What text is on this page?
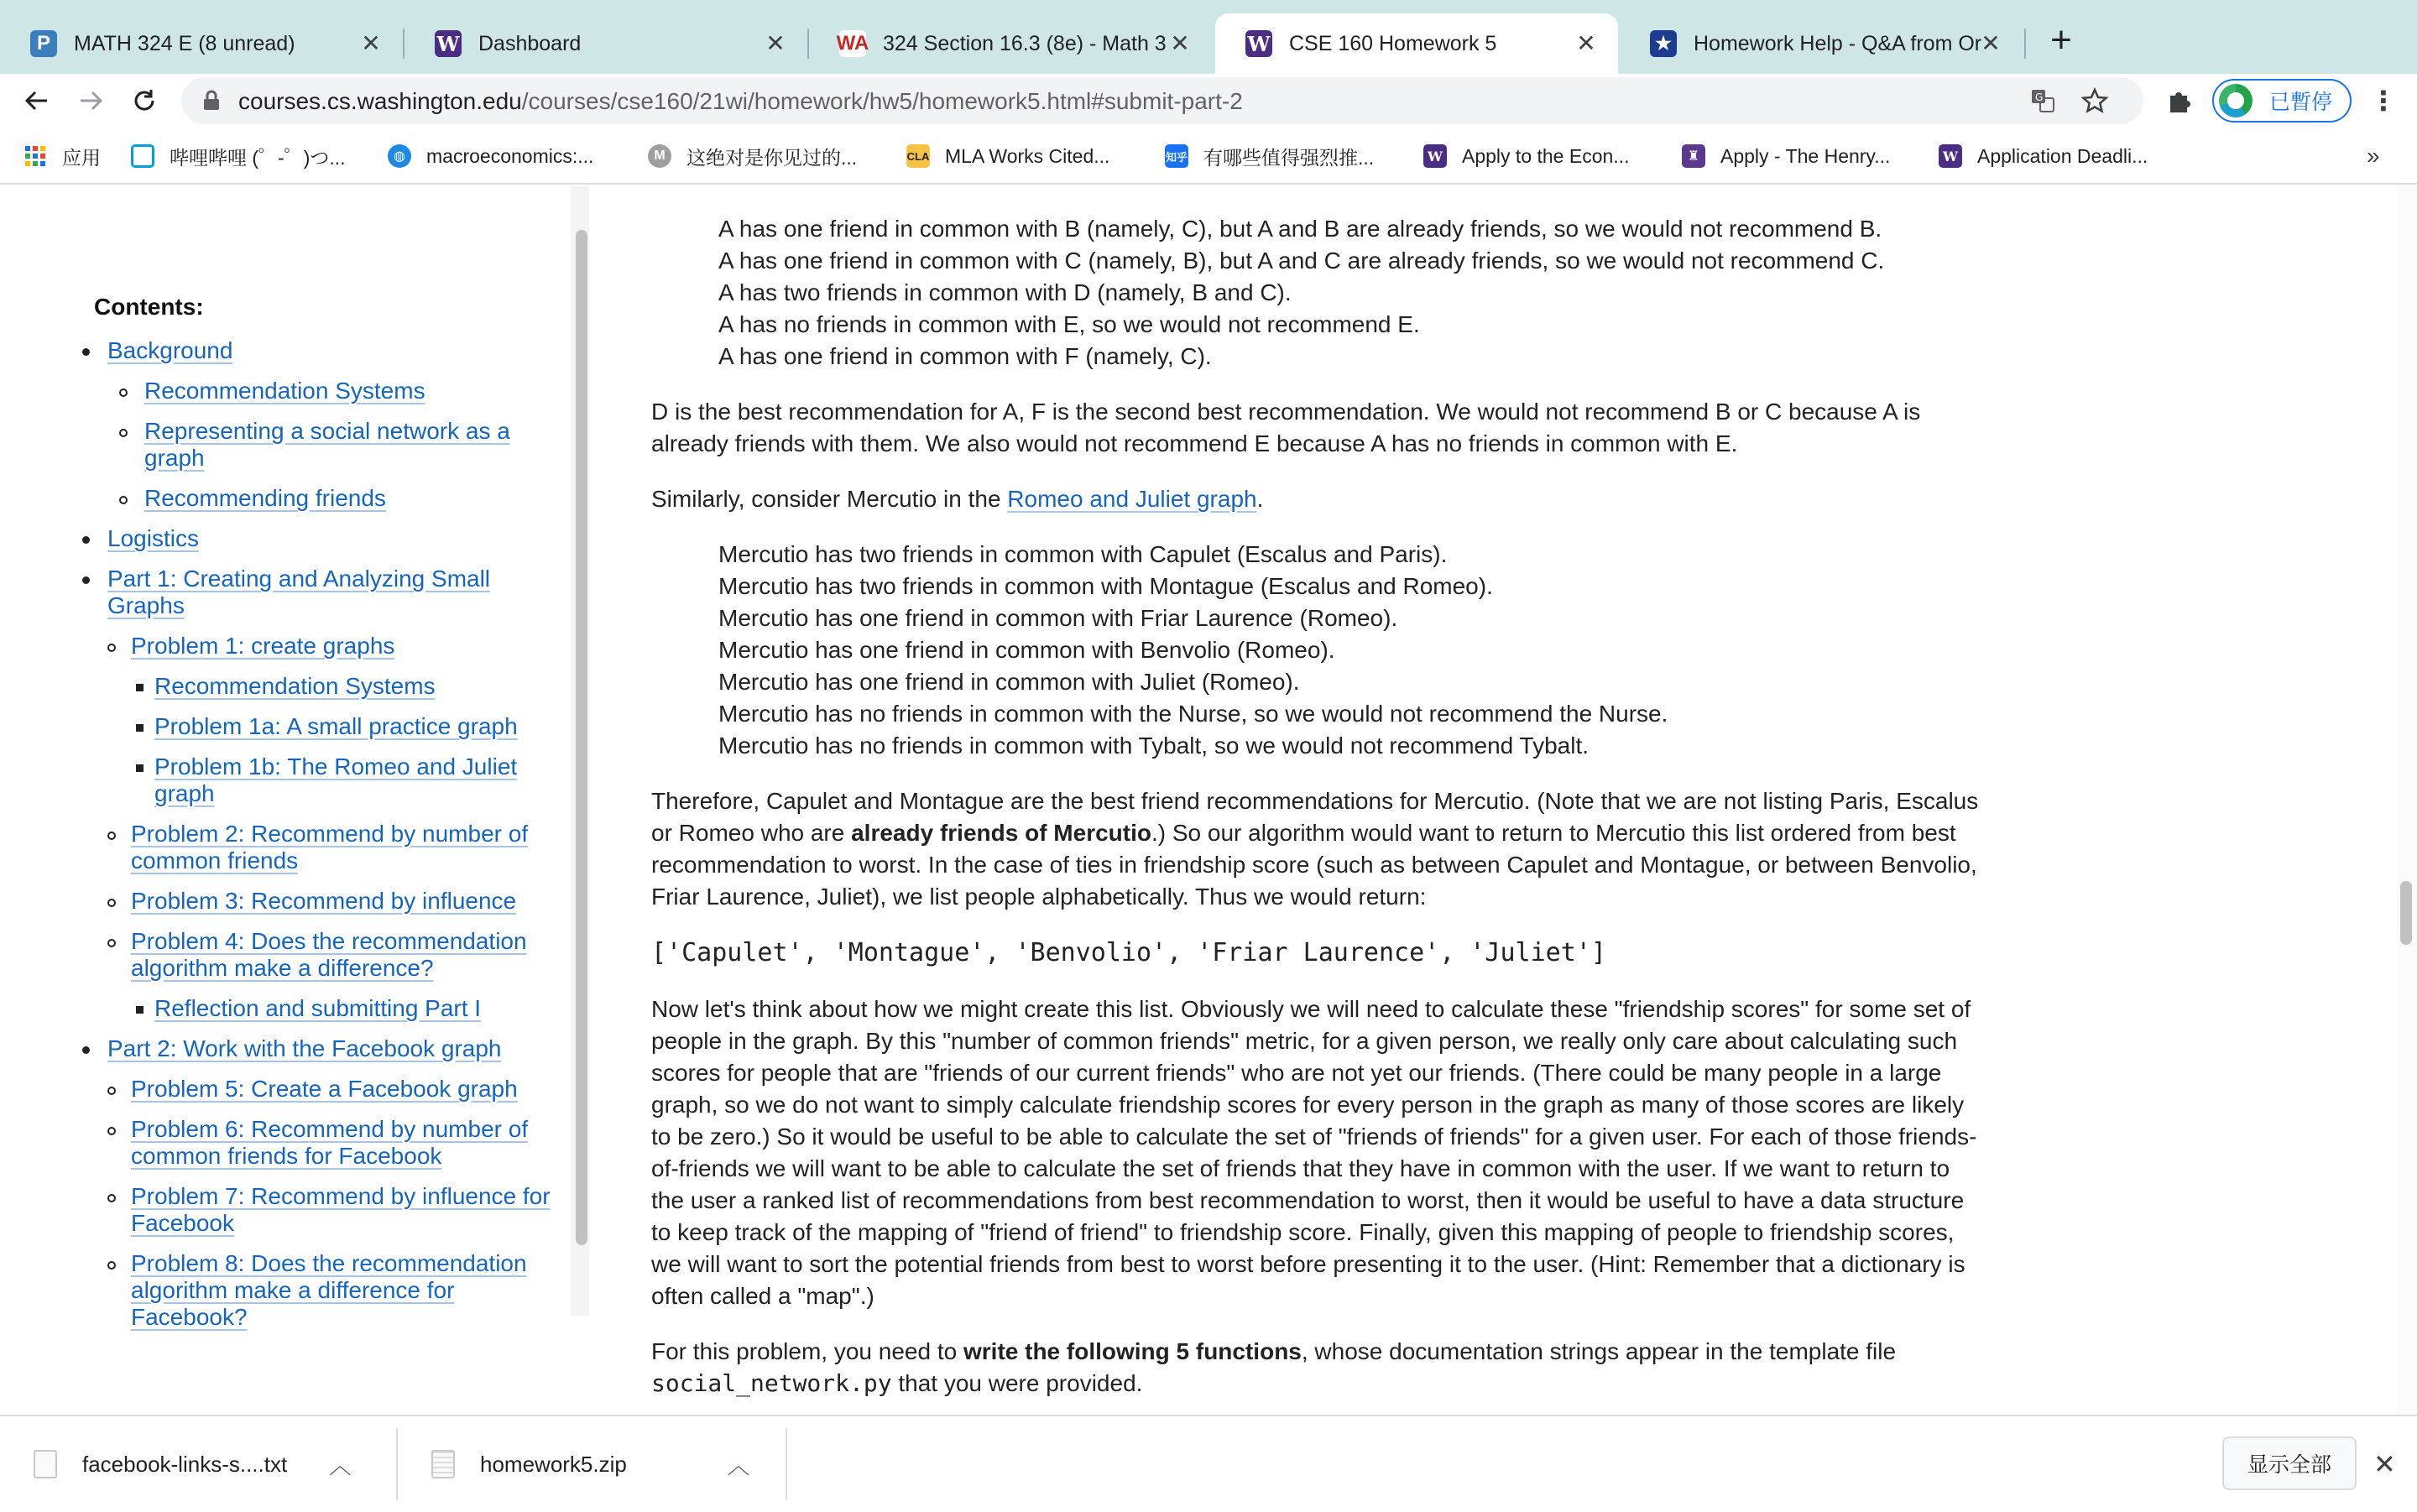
P	MATH 324 E (8 unread)	✕	W Dashboard	✕	WA 324 Section 16.3 (8e) - Math 3 ✕	W CSE 160 Homework 5	✕	★ Homework Help - Q&A from Or ✕ +
courses.cs.washington.edu/courses/cse160/21wi/homework/hw5/homework5.html#submit-part-2	G	已暫停 ⋮
应用	哔哩哔哩 (゜-゜)つ...	◍	macroeconomics:...	M	这绝对是你见过的...	CLA MLA Works Cited...	知乎 有哪些值得强烈推...	W Apply to the Econ...	♜ Apply - The Henry...	W Application Deadli...	»
Contents:
Background
Recommendation Systems
Representing a social network as a
graph
Recommending friends
Logistics
Part 1: Creating and Analyzing Small
Graphs
Problem 1: create graphs
Recommendation Systems
Problem 1a: A small practice graph
Problem 1b: The Romeo and Juliet
graph
Problem 2: Recommend by number of
common friends
Problem 3: Recommend by influence
Problem 4: Does the recommendation
algorithm make a difference?
Reflection and submitting Part I
Part 2: Work with the Facebook graph
Problem 5: Create a Facebook graph
Problem 6: Recommend by number of
common friends for Facebook
Problem 7: Recommend by influence for
Facebook
Problem 8: Does the recommendation
algorithm make a difference for
Facebook?
A has one friend in common with B (namely, C), but A and B are already friends, so we would not recommend B.
A has one friend in common with C (namely, B), but A and C are already friends, so we would not recommend C.
A has two friends in common with D (namely, B and C).
A has no friends in common with E, so we would not recommend E.
A has one friend in common with F (namely, C).
D is the best recommendation for A, F is the second best recommendation. We would not recommend B or C because A is
already friends with them. We also would not recommend E because A has no friends in common with E.
Similarly, consider Mercutio in the Romeo and Juliet graph.
Mercutio has two friends in common with Capulet (Escalus and Paris).
Mercutio has two friends in common with Montague (Escalus and Romeo).
Mercutio has one friend in common with Friar Laurence (Romeo).
Mercutio has one friend in common with Benvolio (Romeo).
Mercutio has one friend in common with Juliet (Romeo).
Mercutio has no friends in common with the Nurse, so we would not recommend the Nurse.
Mercutio has no friends in common with Tybalt, so we would not recommend Tybalt.
Therefore, Capulet and Montague are the best friend recommendations for Mercutio. (Note that we are not listing Paris, Escalus
or Romeo who are already friends of Mercutio.) So our algorithm would want to return to Mercutio this list ordered from best
recommendation to worst. In the case of ties in friendship score (such as between Capulet and Montague, or between Benvolio,
Friar Laurence, Juliet), we list people alphabetically. Thus we would return:
['Capulet', 'Montague', 'Benvolio', 'Friar Laurence', 'Juliet']
Now let's think about how we might create this list. Obviously we will need to calculate these "friendship scores" for some set of
people in the graph. By this "number of common friends" metric, for a given person, we really only care about calculating such
scores for people that are "friends of our current friends" who are not yet our friends. (There could be many people in a large
graph, so we do not want to simply calculate friendship scores for every person in the graph as many of those scores are likely
to be zero.) So it would be useful to be able to calculate the set of "friends of friends" for a given user. For each of those friends-
of-friends we will want to be able to calculate the set of friends that they have in common with the user. If we want to return to
the user a ranked list of recommendations from best recommendation to worst, then it would be useful to have a data structure
to keep track of the mapping of "friend of friend" to friendship score. Finally, given this mapping of people to friendship scores,
we will want to sort the potential friends from best to worst before presenting it to the user. (Hint: Remember that a dictionary is
often called a "map".)
For this problem, you need to write the following 5 functions, whose documentation strings appear in the template file
social_network.py that you were provided.
facebook-links-s....txt ︿	homework5.zip	︿	显示全部	✕
